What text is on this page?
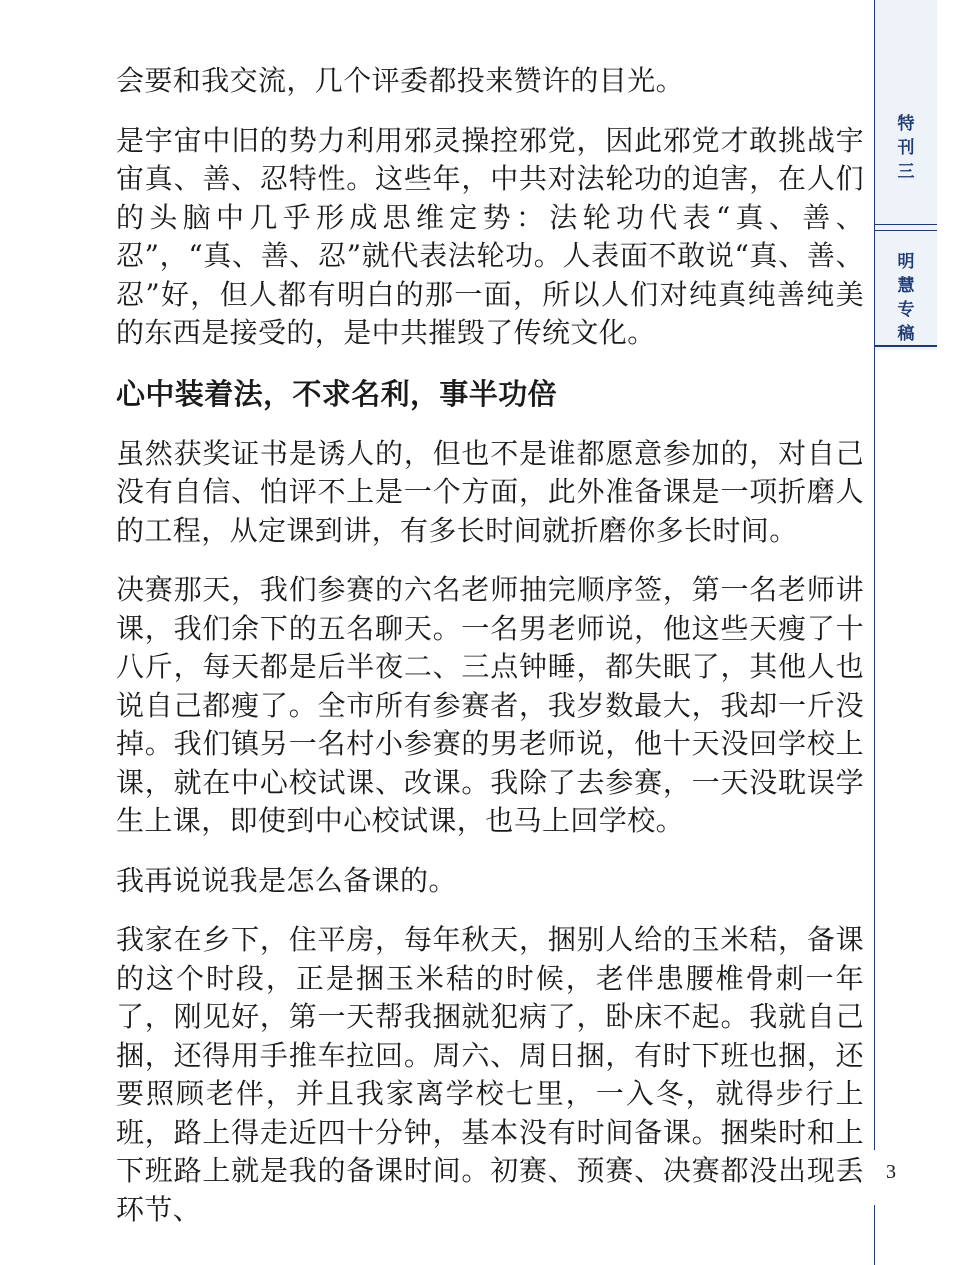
会要和我交流，几个评委都投来赞许的目光。

是宇宙中旧的势力利用邪灵操控邪党，因此邪党才敢挑战宇宙真、善、忍特性。这些年，中共对法轮功的迫害，在人们的头脑中几乎形成思维定势：法轮功代表“真、善、忍”，“真、善、忍”就代表法轮功。人表面不敢说“真、善、忍”好，但人都有明白的那一面，所以人们对纯真纯善纯美的东西是接受的，是中共摧毁了传统文化。

心中装着法，不求名利，事半功倍

虽然获奖证书是诱人的，但也不是谁都愿意参加的，对自己没有自信、怕评不上是一个方面，此外准备课是一项折磨人的工程，从定课到讲，有多长时间就折磨你多长时间。

决赛那天，我们参赛的六名老师抽完顺序签，第一名老师讲课，我们余下的五名聊天。一名男老师说，他这些天瘦了十八斤，每天都是后半夜二、三点钟睡，都失眠了，其他人也说自己都瘦了。全市所有参赛者，我岁数最大，我却一斤没掉。我们镇另一名村小参赛的男老师说，他十天没回学校上课，就在中心校试课、改课。我除了去参赛，一天没耽误学生上课，即使到中心校试课，也马上回学校。

我再说说我是怎么备课的。

我家在乡下，住平房，每年秋天，捆别人给的玉米秸，备课的这个时段，正是捆玉米秸的时候，老伴患腰椎骨刺一年了，刚见好，第一天帮我捆就犯病了，卧床不起。我就自己捆，还得用手推车拉回。周六、周日捆，有时下班也捆，还要照顾老伴，并且我家离学校七里，一入冬，就得步行上班，路上得走近四十分钟，基本没有时间备课。捆柴时和上下班路上就是我的备课时间。初赛、预赛、决赛都没出现丢环节、

特
刊
三
明
慧
专
稿
3
